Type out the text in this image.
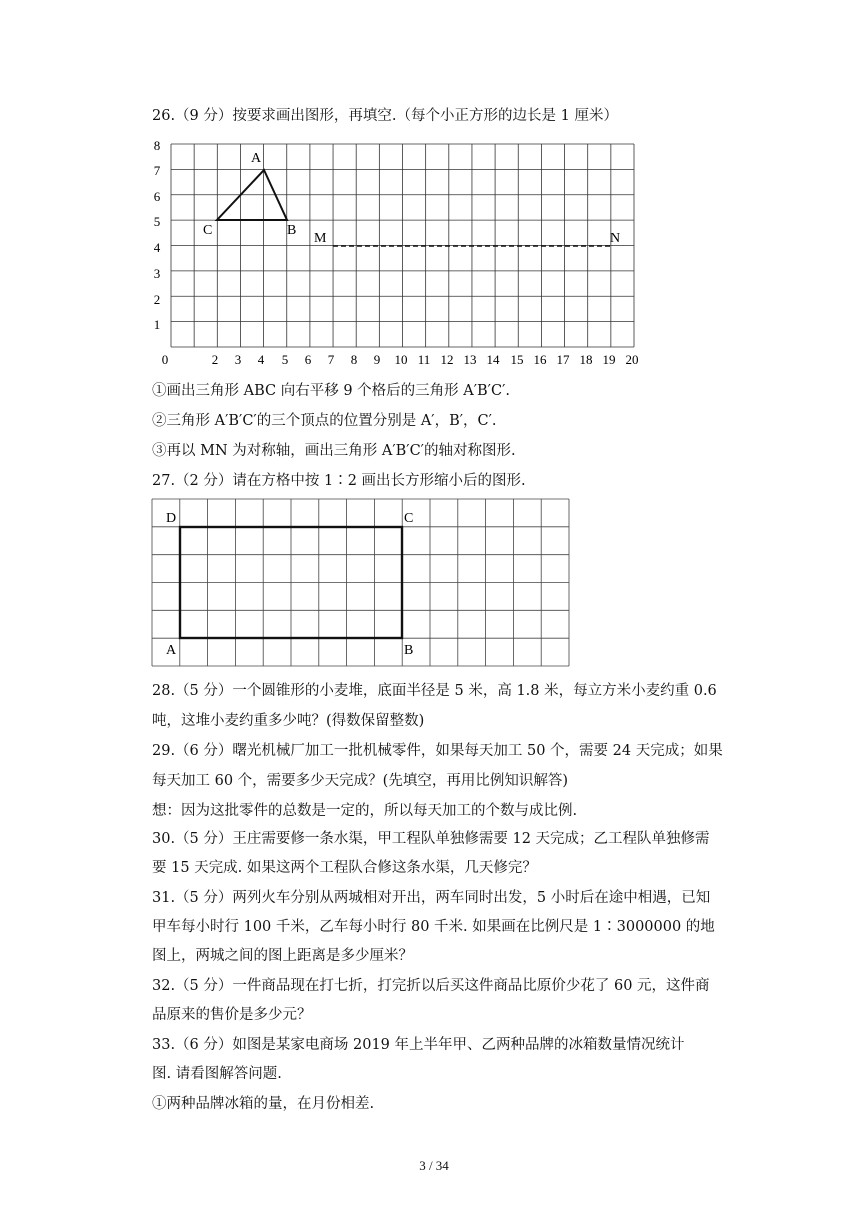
26.（9 分）按要求画出图形，再填空.（每个小正方形的边长是 1 厘米）
1
2
3
4
5
6
7
8
0	2 3 4 5 6 7 8 9 10 11 12 13 14 15 16 17 18 19 20
A
B
C
M	N
①画出三角形 ABC 向右平移 9 个格后的三角形 A′B′C′.
②三角形 A′B′C′的三个顶点的位置分别是 A′，B′，C′.
③再以 MN 为对称轴，画出三角形 A′B′C′的轴对称图形.
27.（2 分）请在方格中按 1∶2 画出长方形缩小后的图形.
D	C
A	B
28.（5 分）一个圆锥形的小麦堆，底面半径是 5 米，高 1.8 米，每立方米小麦约重 0.6
吨，这堆小麦约重多少吨？(得数保留整数)
29.（6 分）曙光机械厂加工一批机械零件，如果每天加工 50 个，需要 24 天完成；如果
每天加工 60 个，需要多少天完成？(先填空，再用比例知识解答)
想：因为这批零件的总数是一定的，所以每天加工的个数与成比例.
30.（5 分）王庄需要修一条水渠，甲工程队单独修需要 12 天完成；乙工程队单独修需
要 15 天完成. 如果这两个工程队合修这条水渠，几天修完？
31.（5 分）两列火车分别从两城相对开出，两车同时出发，5 小时后在途中相遇，已知
甲车每小时行 100 千米，乙车每小时行 80 千米. 如果画在比例尺是 1∶3000000 的地
图上，两城之间的图上距离是多少厘米？
32.（5 分）一件商品现在打七折，打完折以后买这件商品比原价少花了 60 元，这件商
品原来的售价是多少元？
33.（6 分）如图是某家电商场 2019 年上半年甲、乙两种品牌的冰箱数量情况统计
图. 请看图解答问题.
①两种品牌冰箱的量，在月份相差.
3 / 34
